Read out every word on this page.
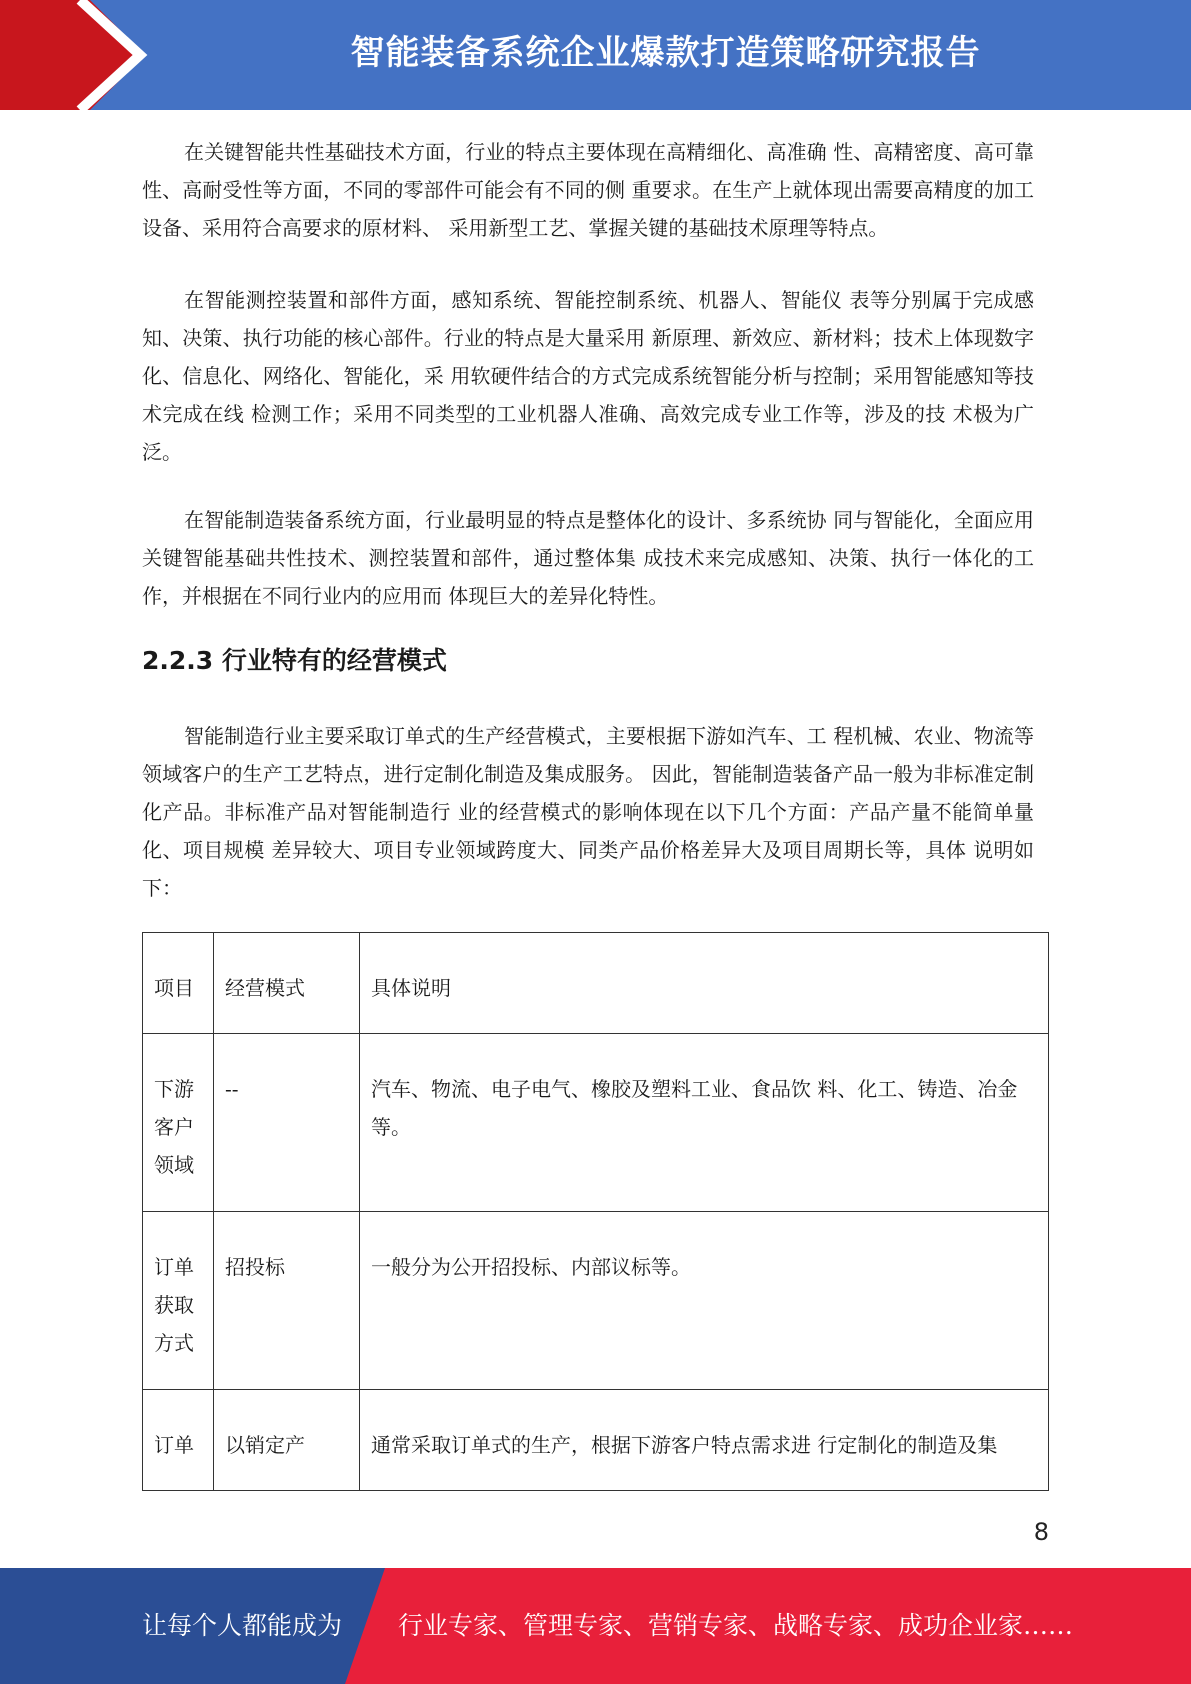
智能装备系统企业爆款打造策略研究报告

在关键智能共性基础技术方面，行业的特点主要体现在高精细化、高准确 性、高精密度、高可靠性、高耐受性等方面，不同的零部件可能会有不同的侧 重要求。在生产上就体现出需要高精度的加工设备、采用符合高要求的原材料、 采用新型工艺、掌握关键的基础技术原理等特点。

在智能测控装置和部件方面，感知系统、智能控制系统、机器人、智能仪 表等分别属于完成感知、决策、执行功能的核心部件。行业的特点是大量采用 新原理、新效应、新材料；技术上体现数字化、信息化、网络化、智能化，采 用软硬件结合的方式完成系统智能分析与控制；采用智能感知等技术完成在线 检测工作；采用不同类型的工业机器人准确、高效完成专业工作等，涉及的技 术极为广泛。

在智能制造装备系统方面，行业最明显的特点是整体化的设计、多系统协 同与智能化，全面应用关键智能基础共性技术、测控装置和部件，通过整体集 成技术来完成感知、决策、执行一体化的工作，并根据在不同行业内的应用而 体现巨大的差异化特性。

2.2.3 行业特有的经营模式

智能制造行业主要采取订单式的生产经营模式，主要根据下游如汽车、工 程机械、农业、物流等领域客户的生产工艺特点，进行定制化制造及集成服务。 因此，智能制造装备产品一般为非标准定制化产品。非标准产品对智能制造行 业的经营模式的影响体现在以下几个方面：产品产量不能简单量化、项目规模 差异较大、项目专业领域跨度大、同类产品价格差异大及项目周期长等，具体 说明如下：

项目	经营模式	具体说明
下游客户领域	--	汽车、物流、电子电气、橡胶及塑料工业、食品饮 料、化工、铸造、冶金等。
订单获取方式	招投标	一般分为公开招投标、内部议标等。
订单	以销定产	通常采取订单式的生产，根据下游客户特点需求进 行定制化的制造及集
8
让每个人都能成为 行业专家、管理专家、营销专家、战略专家、成功企业家……
